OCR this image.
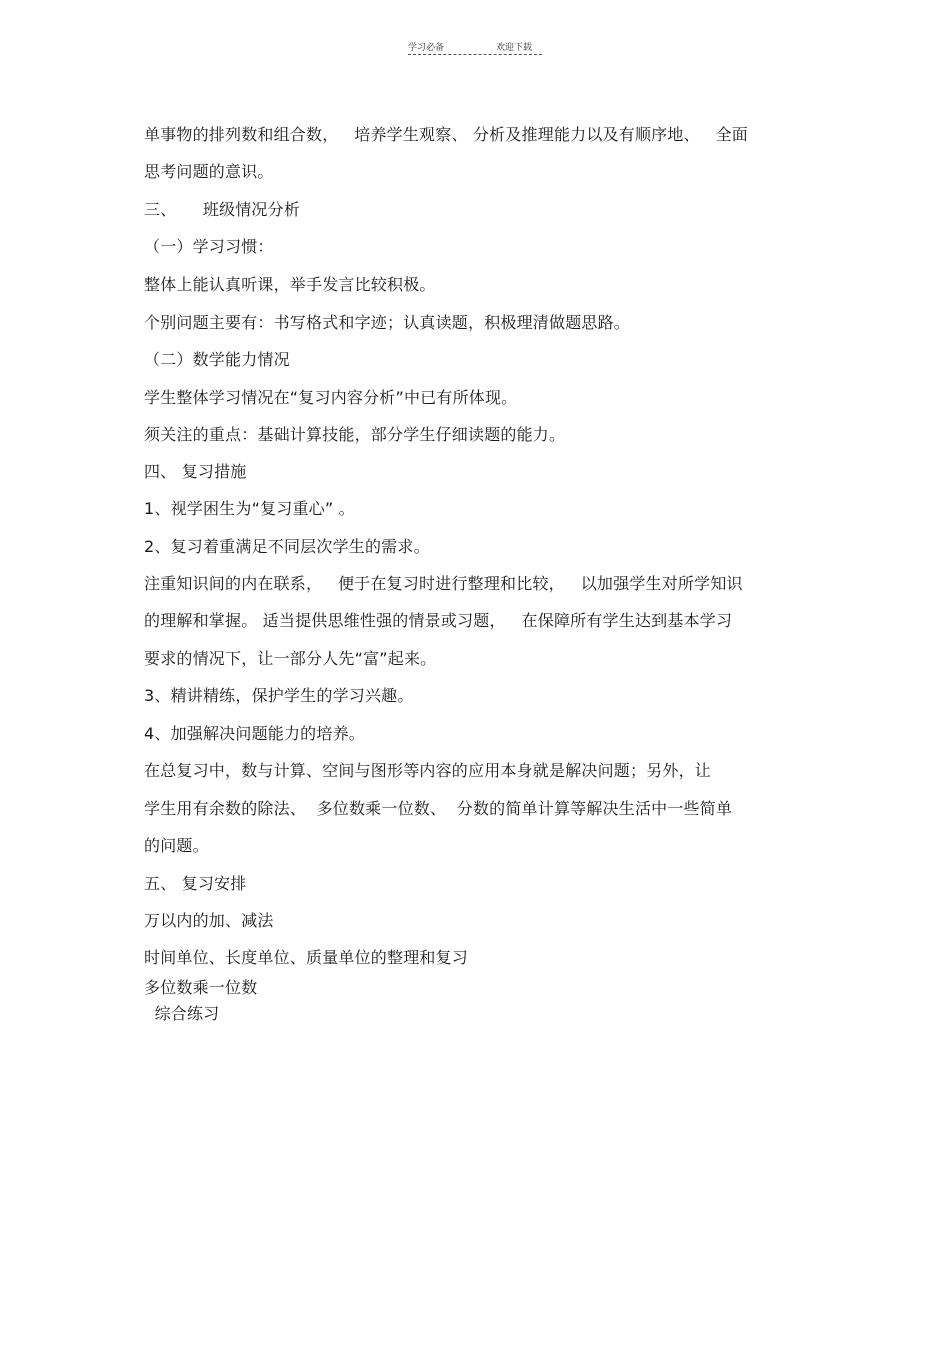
学习必备	欢迎下载
单事物的排列数和组合数，   培养学生观察、 分析及推理能力以及有顺序地、   全面
思考问题的意识。
三、     班级情况分析
（一）学习习惯：
整体上能认真听课，举手发言比较积极。
个别问题主要有：书写格式和字迹；认真读题，积极理清做题思路。
（二）数学能力情况
学生整体学习情况在“复习内容分析”中已有所体现。
须关注的重点：基础计算技能，部分学生仔细读题的能力。
四、 复习措施
1、视学困生为“复习重心” 。
2、复习着重满足不同层次学生的需求。
注重知识间的内在联系，   便于在复习时进行整理和比较，   以加强学生对所学知识
的理解和掌握。 适当提供思维性强的情景或习题，   在保障所有学生达到基本学习
要求的情况下，让一部分人先“富”起来。
3、精讲精练，保护学生的学习兴趣。
4、加强解决问题能力的培养。
在总复习中，数与计算、空间与图形等内容的应用本身就是解决问题；另外，让
学生用有余数的除法、  多位数乘一位数、  分数的简单计算等解决生活中一些简单
的问题。
五、 复习安排
万以内的加、减法
时间单位、长度单位、质量单位的整理和复习
多位数乘一位数
综合练习
